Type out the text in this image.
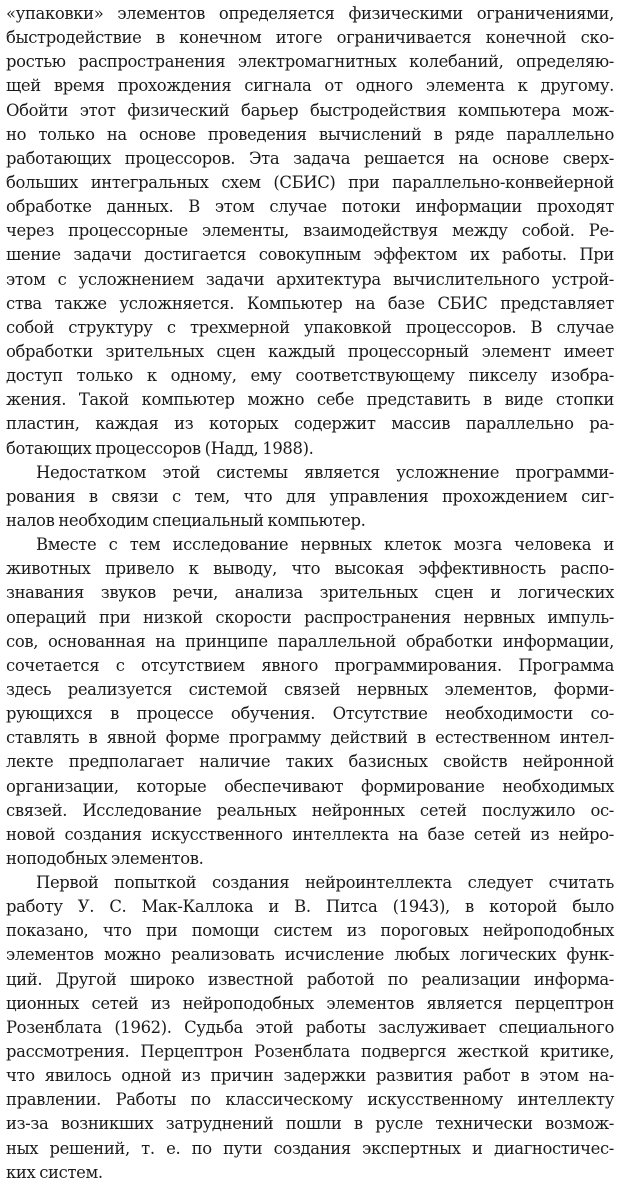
«упаковки» элементов определяется физическими ограничениями,
быстродействие в конечном итоге ограничивается конечной ско-
ростью распространения электромагнитных колебаний, определяю-
щей время прохождения сигнала от одного элемента к другому.
Обойти этот физический барьер быстродействия компьютера мож-
но только на основе проведения вычислений в ряде параллельно
работающих процессоров. Эта задача решается на основе сверх-
больших интегральных схем (СБИС) при параллельно-конвейерной
обработке данных. В этом случае потоки информации проходят
через процессорные элементы, взаимодействуя между собой. Ре-
шение задачи достигается совокупным эффектом их работы. При
этом с усложнением задачи архитектура вычислительного устрой-
ства также усложняется. Компьютер на базе СБИС представляет
собой структуру с трехмерной упаковкой процессоров. В случае
обработки зрительных сцен каждый процессорный элемент имеет
доступ только к одному, ему соответствующему пикселу изобра-
жения. Такой компьютер можно себе представить в виде стопки
пластин, каждая из которых содержит массив параллельно ра-
ботающих процессоров (Надд, 1988).
Недостатком этой системы является усложнение программи-
рования в связи с тем, что для управления прохождением сиг-
налов необходим специальный компьютер.
Вместе с тем исследование нервных клеток мозга человека и
животных привело к выводу, что высокая эффективность распо-
знавания звуков речи, анализа зрительных сцен и логических
операций при низкой скорости распространения нервных импуль-
сов, основанная на принципе параллельной обработки информации,
сочетается с отсутствием явного программирования. Программа
здесь реализуется системой связей нервных элементов, форми-
рующихся в процессе обучения. Отсутствие необходимости со-
ставлять в явной форме программу действий в естественном интел-
лекте предполагает наличие таких базисных свойств нейронной
организации, которые обеспечивают формирование необходимых
связей. Исследование реальных нейронных сетей послужило ос-
новой создания искусственного интеллекта на базе сетей из нейро-
ноподобных элементов.
Первой попыткой создания нейроинтеллекта следует считать
работу У. С. Мак-Каллока и В. Питса (1943), в которой было
показано, что при помощи систем из пороговых нейроподобных
элементов можно реализовать исчисление любых логических функ-
ций. Другой широко известной работой по реализации информа-
ционных сетей из нейроподобных элементов является перцептрон
Розенблата (1962). Судьба этой работы заслуживает специального
рассмотрения. Перцептрон Розенблата подвергся жесткой критике,
что явилось одной из причин задержки развития работ в этом на-
правлении. Работы по классическому искусственному интеллекту
из-за возникших затруднений пошли в русле технически возмож-
ных решений, т. е. по пути создания экспертных и диагностичес-
ких систем.
